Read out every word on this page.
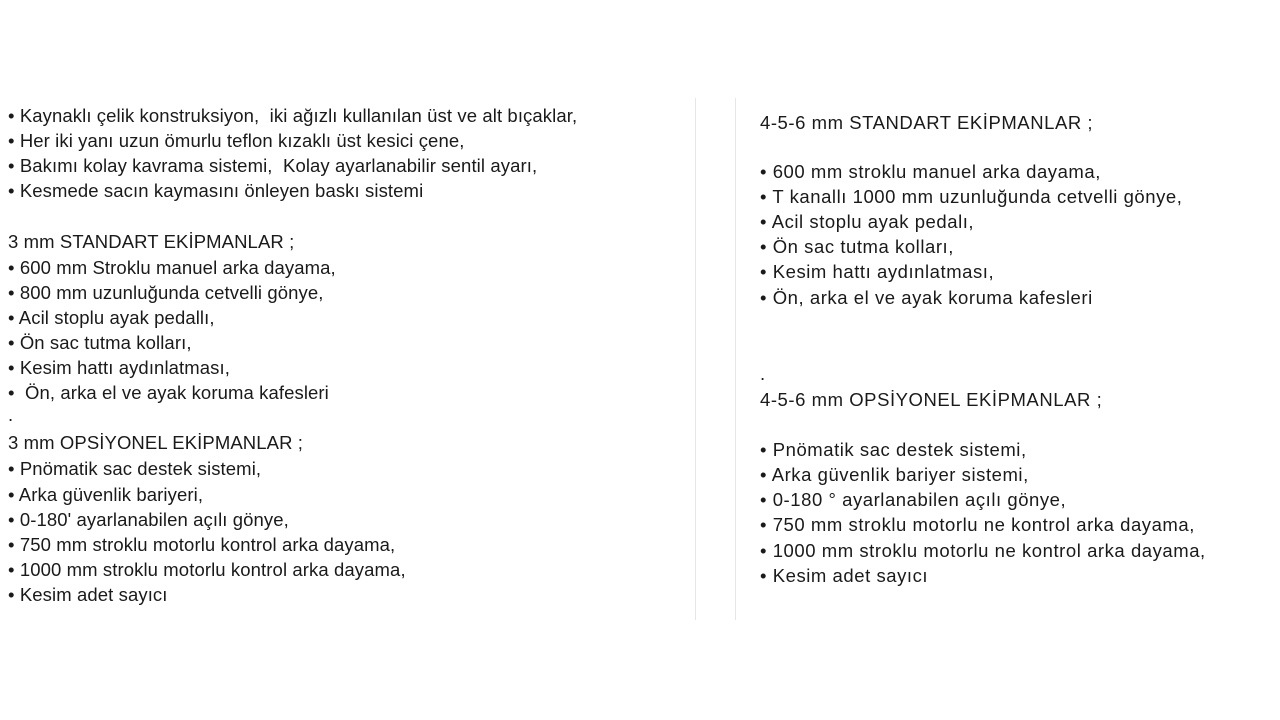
• Kaynaklı çelik konstruksiyon,  iki ağızlı kullanılan üst ve alt bıçaklar,
• Her iki yanı uzun ömurlu teflon kızaklı üst kesici çene,
• Bakımı kolay kavrama sistemi,  Kolay ayarlanabilir sentil ayarı,
• Kesmede sacın kaymasını önleyen baskı sistemi
3 mm STANDART EKİPMANLAR ;
• 600 mm Stroklu manuel arka dayama,
• 800 mm uzunluğunda cetvelli gönye,
• Acil stoplu ayak pedallı,
• Ön sac tutma kolları,
• Kesim hattı aydınlatması,
•  Ön, arka el ve ayak koruma kafesleri
.
3 mm OPSİYONEL EKİPMANLAR ;
• Pnömatik sac destek sistemi,
• Arka güvenlik bariyeri,
• 0-180' ayarlanabilen açılı gönye,
• 750 mm stroklu motorlu kontrol arka dayama,
• 1000 mm stroklu motorlu kontrol arka dayama,
• Kesim adet sayıcı
4-5-6 mm STANDART EKİPMANLAR ;
• 600 mm stroklu manuel arka dayama,
• T kanallı 1000 mm uzunluğunda cetvelli gönye,
• Acil stoplu ayak pedalı,
• Ön sac tutma kolları,
• Kesim hattı aydınlatması,
• Ön, arka el ve ayak koruma kafesleri
.
4-5-6 mm OPSİYONEL EKİPMANLAR ;
• Pnömatik sac destek sistemi,
• Arka güvenlik bariyer sistemi,
• 0-180 ° ayarlanabilen açılı gönye,
• 750 mm stroklu motorlu ne kontrol arka dayama,
• 1000 mm stroklu motorlu ne kontrol arka dayama,
• Kesim adet sayıcı
